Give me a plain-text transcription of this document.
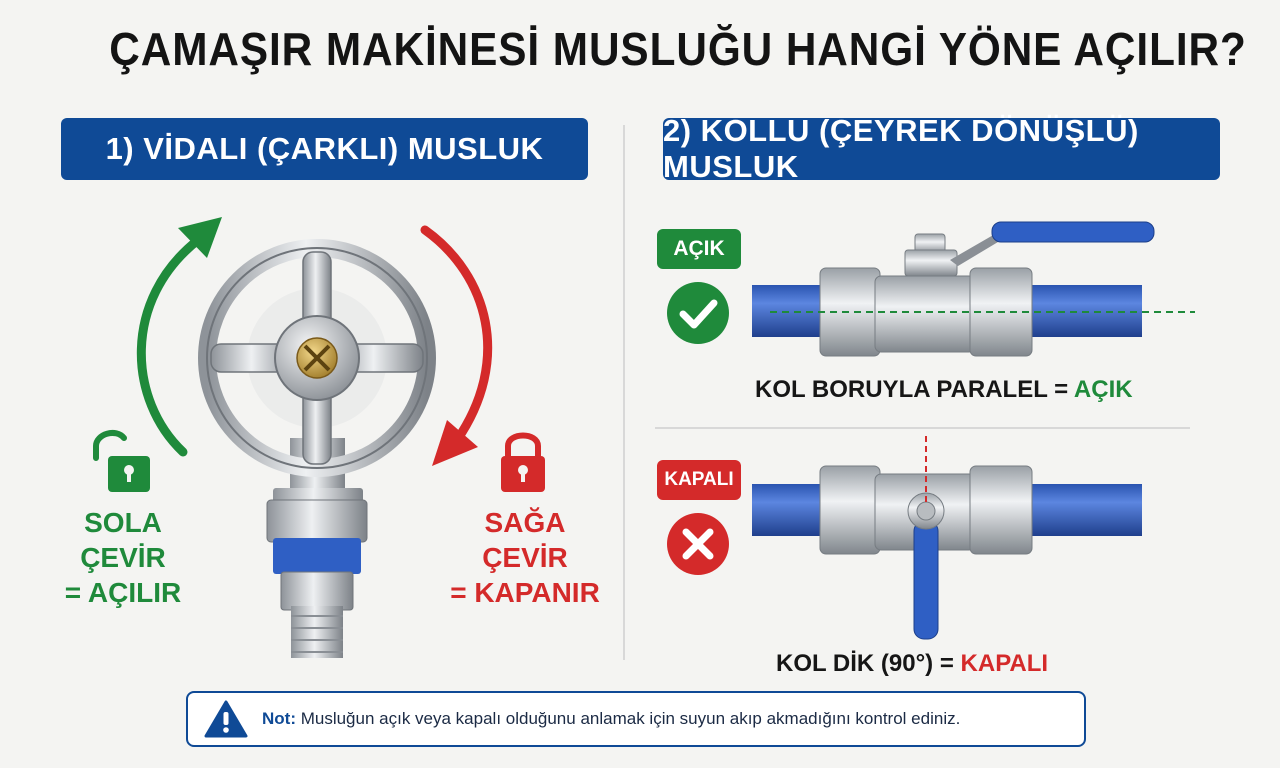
ÇAMAŞIR MAKİNESİ MUSLUĞU HANGİ YÖNE AÇILIR?
1) VİDALI (ÇARKLI) MUSLUK
2) KOLLU (ÇEYREK DÖNÜŞLÜ) MUSLUK
SOLA
ÇEVİR
= AÇILIR
SAĞA
ÇEVİR
= KAPANIR
AÇIK
KOL BORUYLA PARALEL = AÇIK
KAPALI
KOL DİK (90°) = KAPALI
Not: Musluğun açık veya kapalı olduğunu anlamak için suyun akıp akmadığını kontrol ediniz.
